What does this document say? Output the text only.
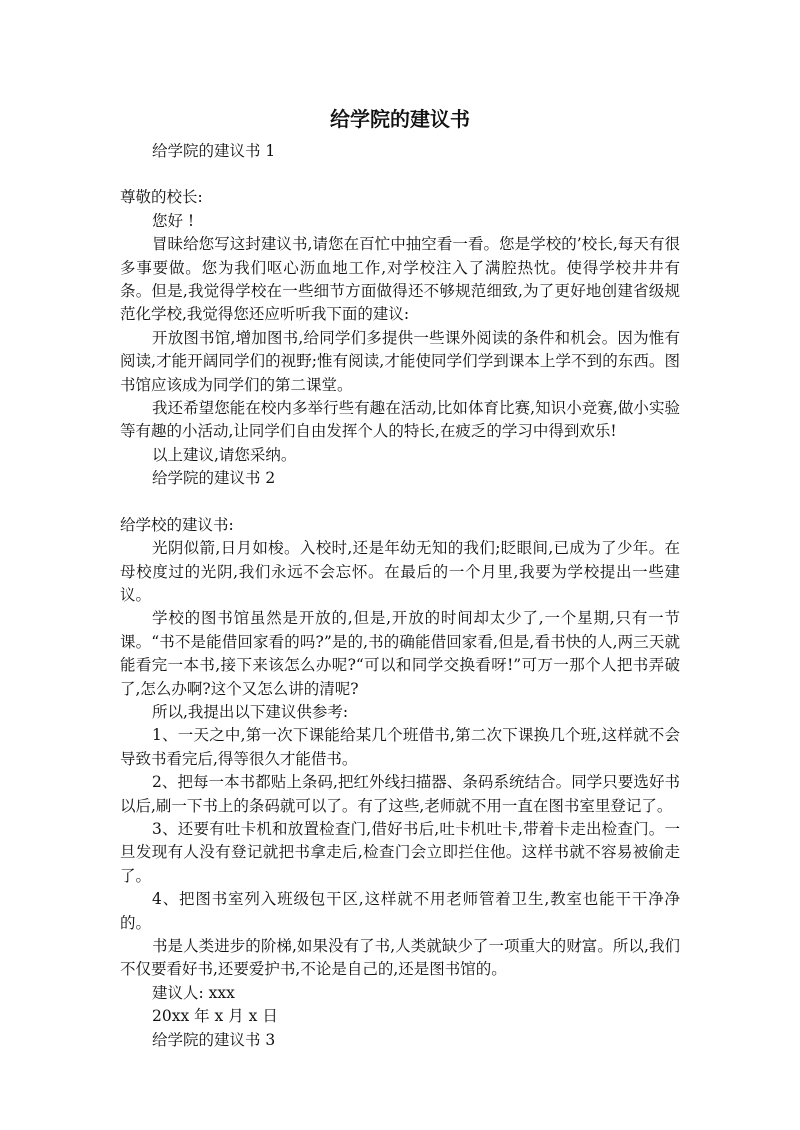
给学院的建议书

给学院的建议书 1

尊敬的校长:

您好 !

冒昧给您写这封建议书,请您在百忙中抽空看一看。您是学校的’校长,每天有很多事要做。您为我们呕心沥血地工作,对学校注入了满腔热忱。使得学校井井有条。但是,我觉得学校在一些细节方面做得还不够规范细致,为了更好地创建省级规范化学校,我觉得您还应听听我下面的建议:

开放图书馆,增加图书,给同学们多提供一些课外阅读的条件和机会。因为惟有阅读,才能开阔同学们的视野;惟有阅读,才能使同学们学到课本上学不到的东西。图书馆应该成为同学们的第二课堂。

我还希望您能在校内多举行些有趣在活动,比如体育比赛,知识小竞赛,做小实验等有趣的小活动,让同学们自由发挥个人的特长,在疲乏的学习中得到欢乐!

以上建议,请您采纳。

给学院的建议书 2

给学校的建议书:

光阴似箭,日月如梭。入校时,还是年幼无知的我们;眨眼间,已成为了少年。在母校度过的光阴,我们永远不会忘怀。在最后的一个月里,我要为学校提出一些建议。

学校的图书馆虽然是开放的,但是,开放的时间却太少了,一个星期,只有一节课。“书不是能借回家看的吗?”是的,书的确能借回家看,但是,看书快的人,两三天就能看完一本书,接下来该怎么办呢?“可以和同学交换看呀!”可万一那个人把书弄破了,怎么办啊?这个又怎么讲的清呢?

所以,我提出以下建议供参考:

1、一天之中,第一次下课能给某几个班借书,第二次下课换几个班,这样就不会导致书看完后,得等很久才能借书。

2、把每一本书都贴上条码,把红外线扫描器、条码系统结合。同学只要选好书以后,刷一下书上的条码就可以了。有了这些,老师就不用一直在图书室里登记了。

3、还要有吐卡机和放置检查门,借好书后,吐卡机吐卡,带着卡走出检查门。一旦发现有人没有登记就把书拿走后,检查门会立即拦住他。这样书就不容易被偷走了。

4、把图书室列入班级包干区,这样就不用老师管着卫生,教室也能干干净净的。

书是人类进步的阶梯,如果没有了书,人类就缺少了一项重大的财富。所以,我们不仅要看好书,还要爱护书,不论是自己的,还是图书馆的。

建议人: xxx

20xx 年 x 月 x 日

给学院的建议书 3
